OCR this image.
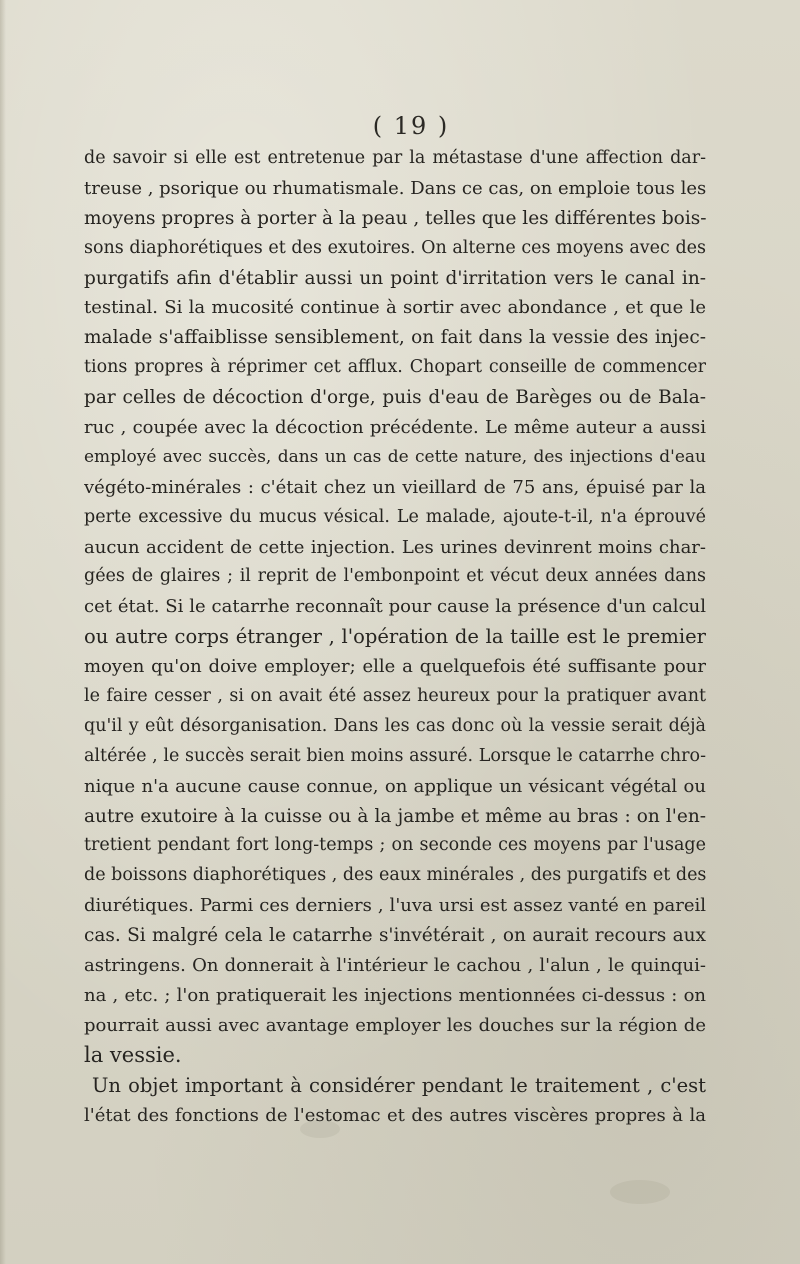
( 19 )
de savoir si elle est entretenue par la métastase d'une affection dar-
treuse , psorique ou rhumatismale. Dans ce cas, on emploie tous les
moyens propres à porter à la peau , telles que les différentes bois-
sons diaphorétiques et des exutoires. On alterne ces moyens avec des
purgatifs afin d'établir aussi un point d'irritation vers le canal in-
testinal. Si la mucosité continue à sortir avec abondance , et que le
malade s'affaiblisse sensiblement, on fait dans la vessie des injec-
tions propres à réprimer cet afflux. Chopart conseille de commencer
par celles de décoction d'orge, puis d'eau de Barèges ou de Bala-
ruc , coupée avec la décoction précédente. Le même auteur a aussi
employé avec succès, dans un cas de cette nature, des injections d'eau
végéto-minérales : c'était chez un vieillard de 75 ans, épuisé par la
perte excessive du mucus vésical. Le malade, ajoute-t-il, n'a éprouvé
aucun accident de cette injection. Les urines devinrent moins char-
gées de glaires ; il reprit de l'embonpoint et vécut deux années dans
cet état. Si le catarrhe reconnaît pour cause la présence d'un calcul
ou autre corps étranger , l'opération de la taille est le premier
moyen qu'on doive employer; elle a quelquefois été suffisante pour
le faire cesser , si on avait été assez heureux pour la pratiquer avant
qu'il y eût désorganisation. Dans les cas donc où la vessie serait déjà
altérée , le succès serait bien moins assuré. Lorsque le catarrhe chro-
nique n'a aucune cause connue, on applique un vésicant végétal ou
autre exutoire à la cuisse ou à la jambe et même au bras : on l'en-
tretient pendant fort long-temps ; on seconde ces moyens par l'usage
de boissons diaphorétiques , des eaux minérales , des purgatifs et des
diurétiques. Parmi ces derniers , l'uva ursi est assez vanté en pareil
cas. Si malgré cela le catarrhe s'invétérait , on aurait recours aux
astringens. On donnerait à l'intérieur le cachou , l'alun , le quinqui-
na , etc. ; l'on pratiquerait les injections mentionnées ci-dessus : on
pourrait aussi avec avantage employer les douches sur la région de
la vessie.
Un objet important à considérer pendant le traitement , c'est
l'état des fonctions de l'estomac et des autres viscères propres à la
